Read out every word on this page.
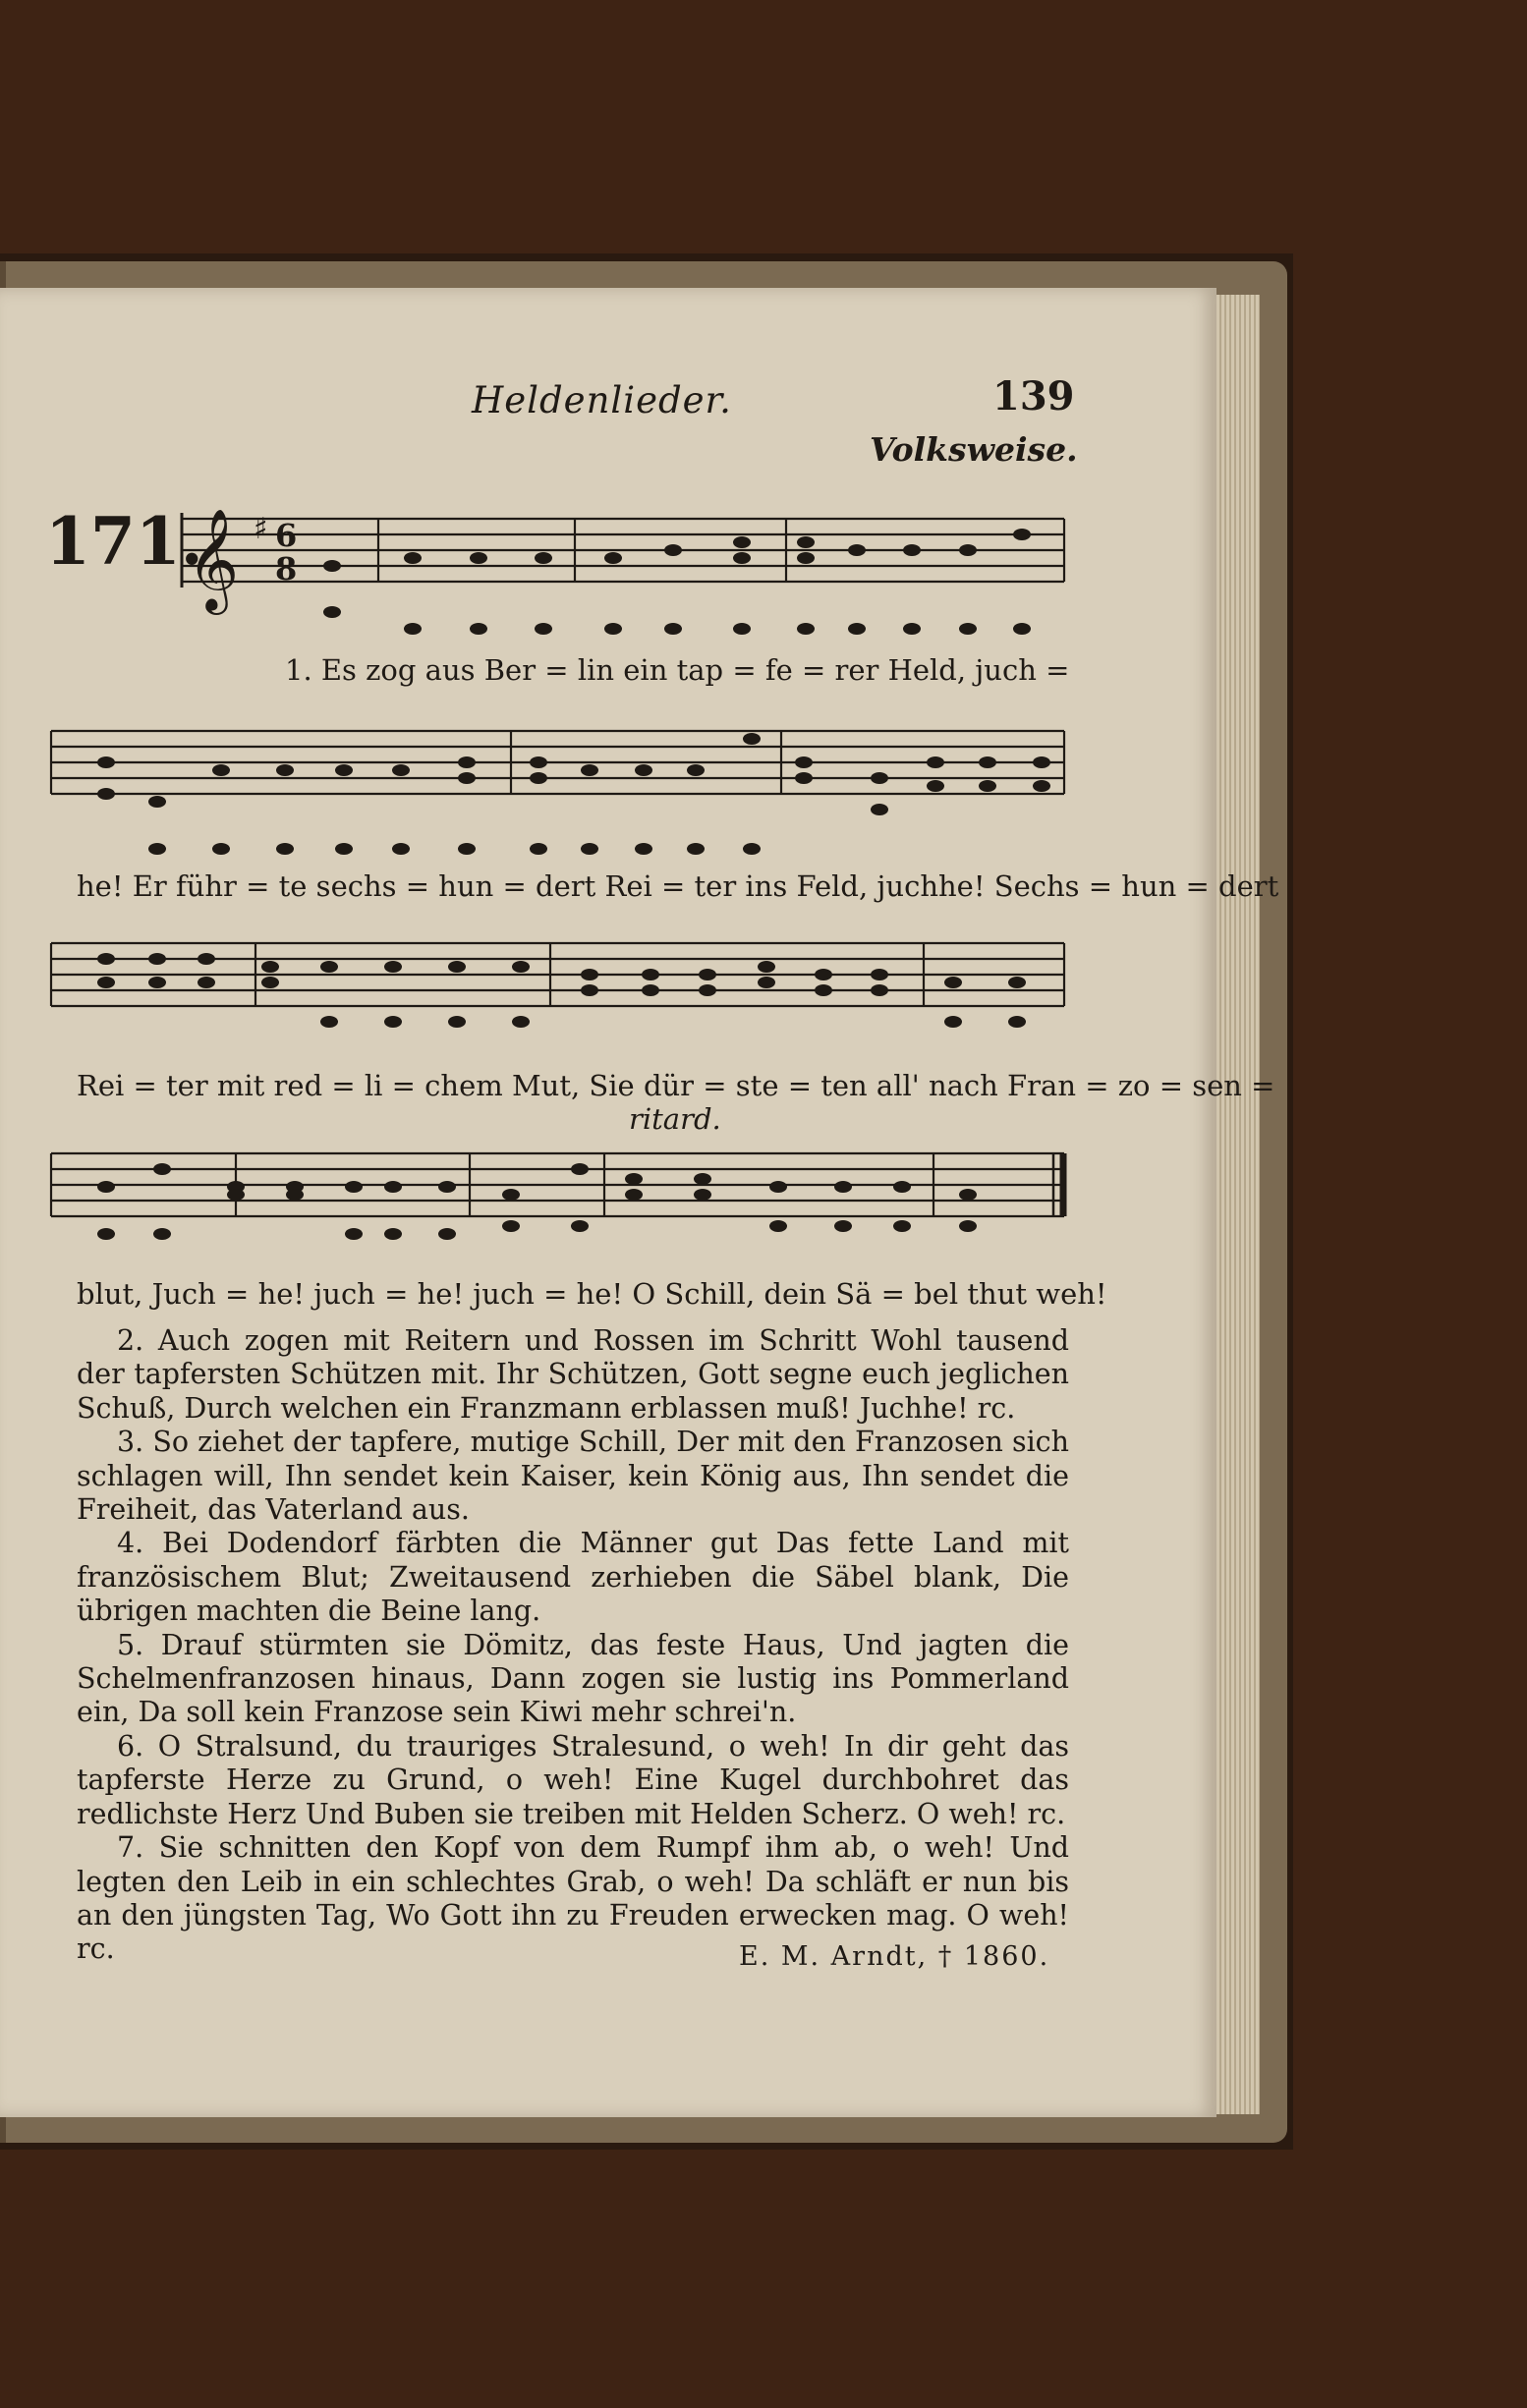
Heldenlieder.	139
Volksweise.
171.
𝄞 ♯ 6
8
1. Es zog aus Ber = lin ein tap = fe = rer Held, juch =
he! Er führ = te sechs = hun = dert Rei = ter ins Feld, juchhe! Sechs = hun = dert
Rei = ter mit red = li = chem Mut, Sie dür = ste = ten all' nach Fran = zo = sen =
ritard.
blut, Juch = he! juch = he! juch = he! O Schill, dein Sä = bel thut weh!

2. Auch zogen mit Reitern und Rossen im Schritt Wohl tausend der tapfersten Schützen mit. Ihr Schützen, Gott segne euch jeglichen Schuß, Durch welchen ein Franzmann erblassen muß! Juchhe! rc.

3. So ziehet der tapfere, mutige Schill, Der mit den Franzosen sich schlagen will, Ihn sendet kein Kaiser, kein König aus, Ihn sendet die Freiheit, das Vaterland aus.

4. Bei Dodendorf färbten die Männer gut Das fette Land mit französischem Blut; Zweitausend zerhieben die Säbel blank, Die übrigen machten die Beine lang.

5. Drauf stürmten sie Dömitz, das feste Haus, Und jagten die Schelmenfranzosen hinaus, Dann zogen sie lustig ins Pommerland ein, Da soll kein Franzose sein Kiwi mehr schrei'n.

6. O Stralsund, du trauriges Stralesund, o weh! In dir geht das tapferste Herze zu Grund, o weh! Eine Kugel durchbohret das redlichste Herz Und Buben sie treiben mit Helden Scherz. O weh! rc.

7. Sie schnitten den Kopf von dem Rumpf ihm ab, o weh! Und legten den Leib in ein schlechtes Grab, o weh! Da schläft er nun bis an den jüngsten Tag, Wo Gott ihn zu Freuden erwecken mag. O weh! rc.	E. M. Arndt, † 1860.
